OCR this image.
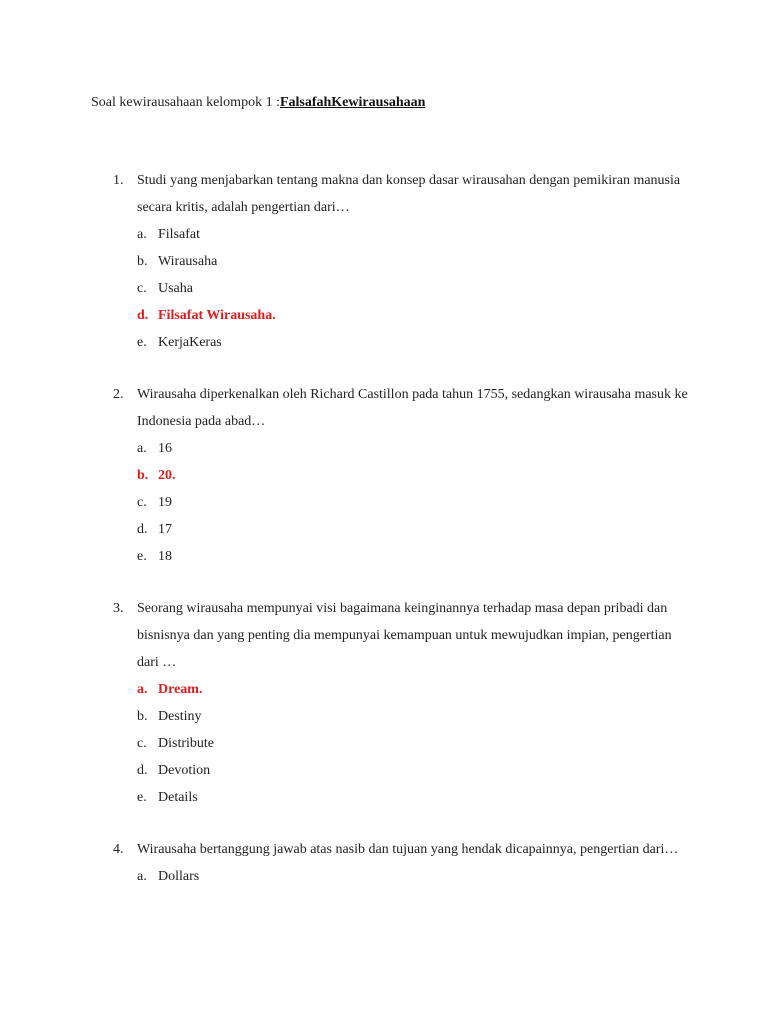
Soal kewirausahaan kelompok 1 :FalsafahKewirausahaan
1. Studi yang menjabarkan tentang makna dan konsep dasar wirausahan dengan pemikiran manusia secara kritis, adalah pengertian dari…
a. Filsafat
b. Wirausaha
c. Usaha
d. Filsafat Wirausaha.
e. KerjaKeras
2. Wirausaha diperkenalkan oleh Richard Castillon pada tahun 1755, sedangkan wirausaha masuk ke Indonesia pada abad…
a. 16
b. 20.
c. 19
d. 17
e. 18
3. Seorang wirausaha mempunyai visi bagaimana keinginannya terhadap masa depan pribadi dan bisnisnya dan yang penting dia mempunyai kemampuan untuk mewujudkan impian, pengertian dari …
a. Dream.
b. Destiny
c. Distribute
d. Devotion
e. Details
4. Wirausaha bertanggung jawab atas nasib dan tujuan yang hendak dicapainnya, pengertian dari…
a. Dollars
